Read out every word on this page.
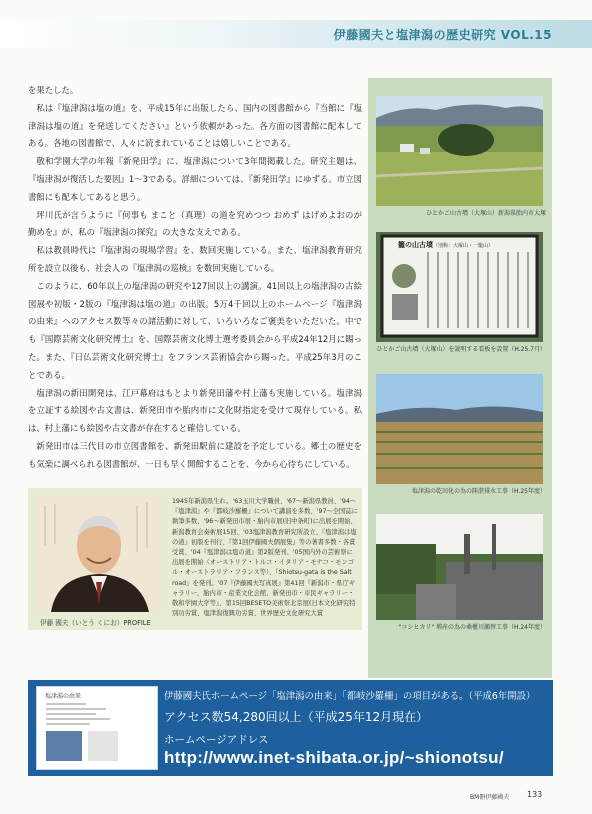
伊藤國夫と塩津潟の歴史研究 VOL.15

を果たした。

私は『塩津潟は塩の道』を、平成15年に出版したら、国内の図書館から『当館に『塩津潟は塩の道』を発送してください』という依頼があった。各方面の図書館に配本してある。各地の図書館で、人々に読まれていることは嬉しいことである。

敬和学園大学の年報『新発田学』に、塩津潟について3年間掲載した。研究主題は、『塩津潟が復活した要因』1〜3である。詳細については、『新発田学』にゆずる。市立図書館にも配本してあると思う。

坪川氏が言うように『何事も まこと（真理）の道を究めつつ おめず はげめよおのが勤めを』が、私の『塩津潟の探究』の大きな支えである。

私は教員時代に『塩津潟の現場学習』を、数回実施している。また、塩津潟教育研究所を設立以後も、社会人の『塩津潟の巡検』を数回実施している。

このように、60年以上の塩津潟の研究や127回以上の講演。41回以上の塩津潟の古絵図展や初版・2版の『塩津潟は塩の道』の出版。5万4千回以上のホームページ『塩津潟の由来』へのアクセス数等々の諸活動に対して、いろいろなご褒美をいただいた。中でも『国際芸術文化研究博士』を、国際芸術文化博士選考委員会から平成24年12月に賜った。また、『日仏芸術文化研究博士』をフランス芸術協会から賜った。平成25年3月のことである。

塩津潟の新田開発は、江戸幕府はもとより新発田藩や村上藩も実施している。塩津潟を立証する絵図や古文書は、新発田市や胎内市に文化財指定を受けて現存している。私は、村上藩にも絵図や古文書が存在すると確信している。

新発田市は三代目の市立図書館を、新発田駅前に建設を予定している。郷土の歴史をも気楽に調べられる図書館が、一日も早く開館することを、今から心待ちにしている。

ひとかご山古墳（大塚山）新潟県胎内市大塚
籠の山古墳（別称：大塚山・一籠山）
ひとかご山古墳（大塚山）を説明する看板を設置（H.25.7月）
塩津潟の乾田化の為の陸湛排水工事（H.25年度）
"コシヒカリ" 増産の為の桑櫃川瀬替工事（H.24年度）
伊藤 國夫（いとう くにお）PROFILE
1945年新潟県生れ。'63玉川大学職員、'67〜新潟県教員、'94〜『塩津潟』や『都岐沙羅柵』について講演を多数、'97〜全国誌に執筆多数、'96〜新発田市展・胎内市展(旧中条町)に出展を開始、新潟教育会奏術展15回、'03塩津潟教育研究所設立、『塩津潟は塩の道』初版を刊行、『第1回伊藤國夫個展集』等の著書多数・各賞受賞、'04『塩津潟は塩の道』第2版発刊、'05国内外の芸術祭に出展を開始（オーストリア・トルコ・イタリア・モナコ・モンゴル・オーストラリア・フランス等）、『Shiotsu-gata is the Salt road』を発刊。'07『伊藤國夫写真展』第41回『新潟市・県庁ギャラリー、胎内市・産業文化会館、新発田市・市民ギャラリー・敬和学園大学等』、第15回BESETO美術祭北京展(日本文化研究特別功労賞、塩津潟復興功労賞、世界歴史文化研究大賞
塩津潟の由来	伊藤國夫氏ホームページ「塩津潟の由来」「都岐沙羅柵」の項目がある。（平成6年開設）
アクセス数54,280回以上（平成25年12月現在）
ホームページアドレス
http://www.inet-shibata.or.jp/~shionotsu/
BM冊伊藤國夫 133
